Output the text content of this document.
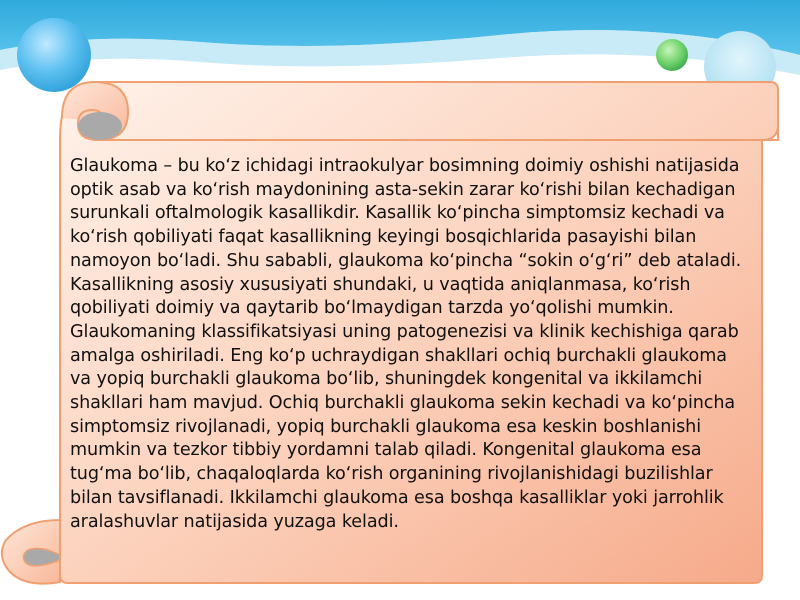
Glaukoma – bu ko‘z ichidagi intraokulyar bosimning doimiy oshishi natijasida
optik asab va ko‘rish maydonining asta-sekin zarar ko‘rishi bilan kechadigan
surunkali oftalmologik kasallikdir. Kasallik ko‘pincha simptomsiz kechadi va
ko‘rish qobiliyati faqat kasallikning keyingi bosqichlarida pasayishi bilan
namoyon bo‘ladi. Shu sababli, glaukoma ko‘pincha “sokin o‘g‘ri” deb ataladi.
Kasallikning asosiy xususiyati shundaki, u vaqtida aniqlanmasa, ko‘rish
qobiliyati doimiy va qaytarib bo‘lmaydigan tarzda yo‘qolishi mumkin.
Glaukomaning klassifikatsiyasi uning patogenezisi va klinik kechishiga qarab
amalga oshiriladi. Eng ko‘p uchraydigan shakllari ochiq burchakli glaukoma
va yopiq burchakli glaukoma bo‘lib, shuningdek kongenital va ikkilamchi
shakllari ham mavjud. Ochiq burchakli glaukoma sekin kechadi va ko‘pincha
simptomsiz rivojlanadi, yopiq burchakli glaukoma esa keskin boshlanishi
mumkin va tezkor tibbiy yordamni talab qiladi. Kongenital glaukoma esa
tug‘ma bo‘lib, chaqaloqlarda ko‘rish organining rivojlanishidagi buzilishlar
bilan tavsiflanadi. Ikkilamchi glaukoma esa boshqa kasalliklar yoki jarrohlik
aralashuvlar natijasida yuzaga keladi.
